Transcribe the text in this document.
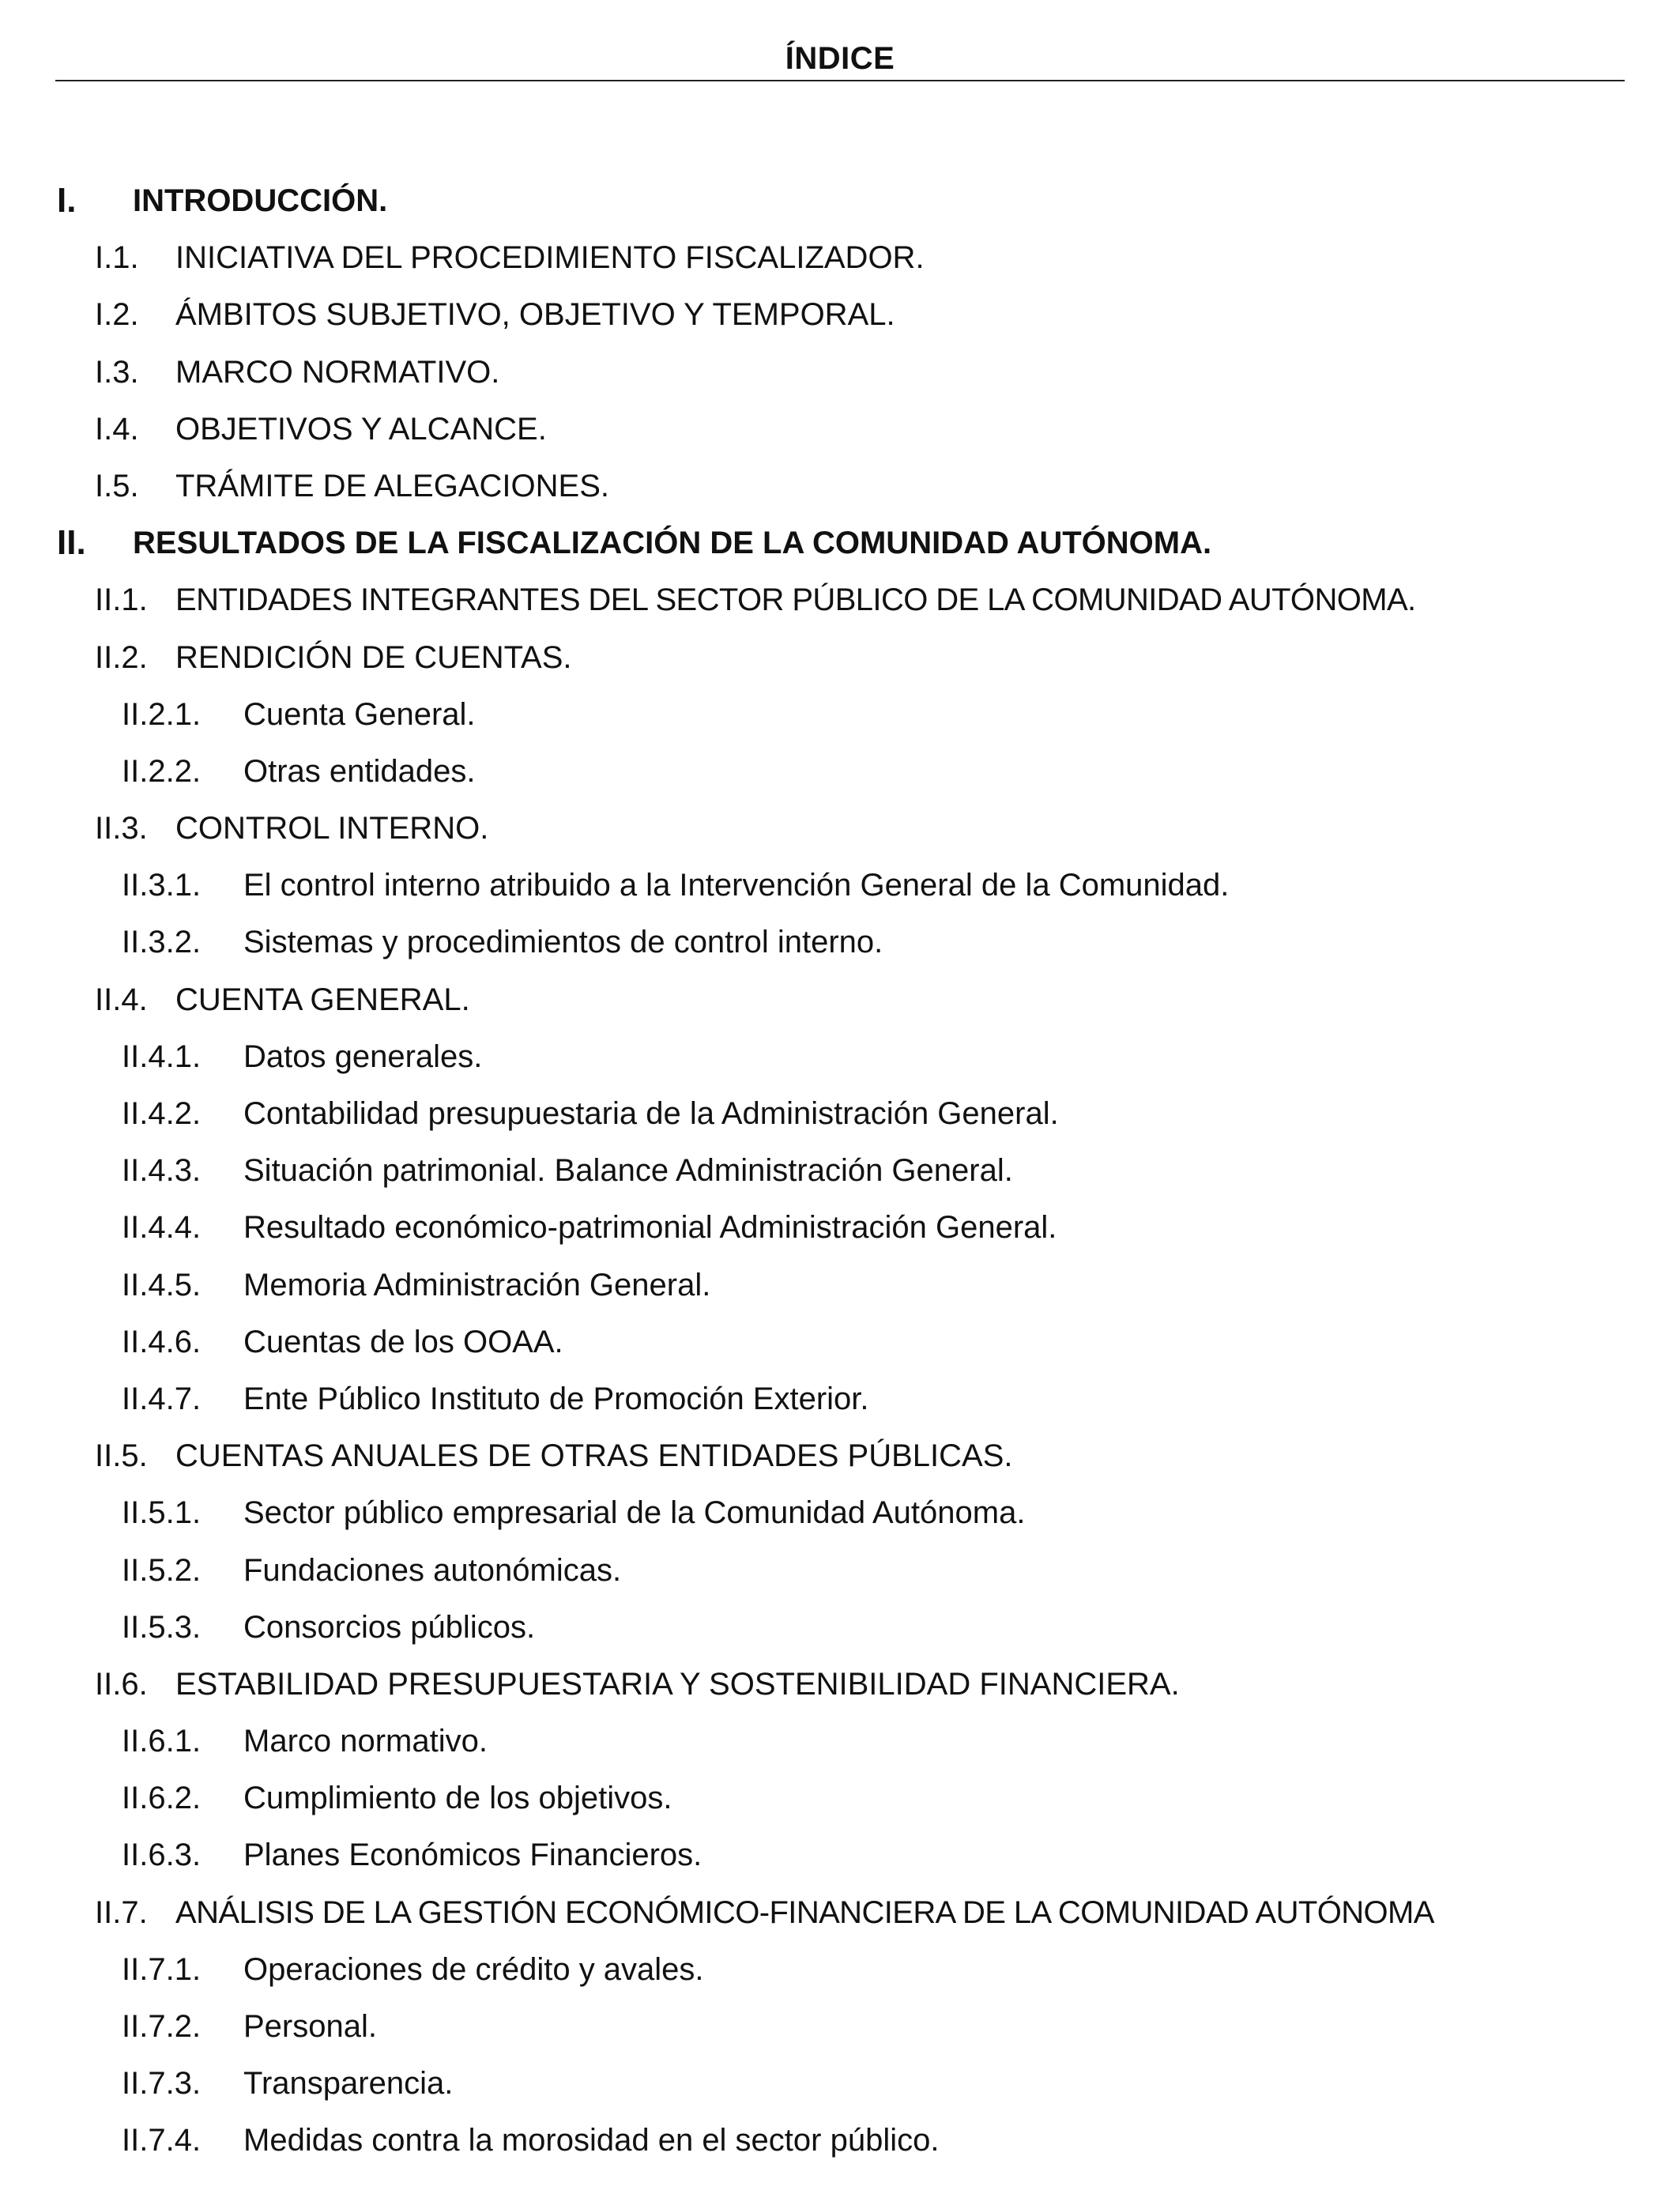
ÍNDICE
I. INTRODUCCIÓN.
I.1. INICIATIVA DEL PROCEDIMIENTO FISCALIZADOR.
I.2. ÁMBITOS SUBJETIVO, OBJETIVO Y TEMPORAL.
I.3. MARCO NORMATIVO.
I.4. OBJETIVOS Y ALCANCE.
I.5. TRÁMITE DE ALEGACIONES.
II. RESULTADOS DE LA FISCALIZACIÓN DE LA COMUNIDAD AUTÓNOMA.
II.1. ENTIDADES INTEGRANTES DEL SECTOR PÚBLICO DE LA COMUNIDAD AUTÓNOMA.
II.2. RENDICIÓN DE CUENTAS.
II.2.1. Cuenta General.
II.2.2. Otras entidades.
II.3. CONTROL INTERNO.
II.3.1. El control interno atribuido a la Intervención General de la Comunidad.
II.3.2. Sistemas y procedimientos de control interno.
II.4. CUENTA GENERAL.
II.4.1. Datos generales.
II.4.2. Contabilidad presupuestaria de la Administración General.
II.4.3. Situación patrimonial. Balance Administración General.
II.4.4. Resultado económico-patrimonial Administración General.
II.4.5. Memoria Administración General.
II.4.6. Cuentas de los OOAA.
II.4.7. Ente Público Instituto de Promoción Exterior.
II.5. CUENTAS ANUALES DE OTRAS ENTIDADES PÚBLICAS.
II.5.1. Sector público empresarial de la Comunidad Autónoma.
II.5.2. Fundaciones autonómicas.
II.5.3. Consorcios públicos.
II.6. ESTABILIDAD PRESUPUESTARIA Y SOSTENIBILIDAD FINANCIERA.
II.6.1. Marco normativo.
II.6.2. Cumplimiento de los objetivos.
II.6.3. Planes Económicos Financieros.
II.7. ANÁLISIS DE LA GESTIÓN ECONÓMICO-FINANCIERA DE LA COMUNIDAD AUTÓNOMA
II.7.1. Operaciones de crédito y avales.
II.7.2. Personal.
II.7.3. Transparencia.
II.7.4. Medidas contra la morosidad en el sector público.
